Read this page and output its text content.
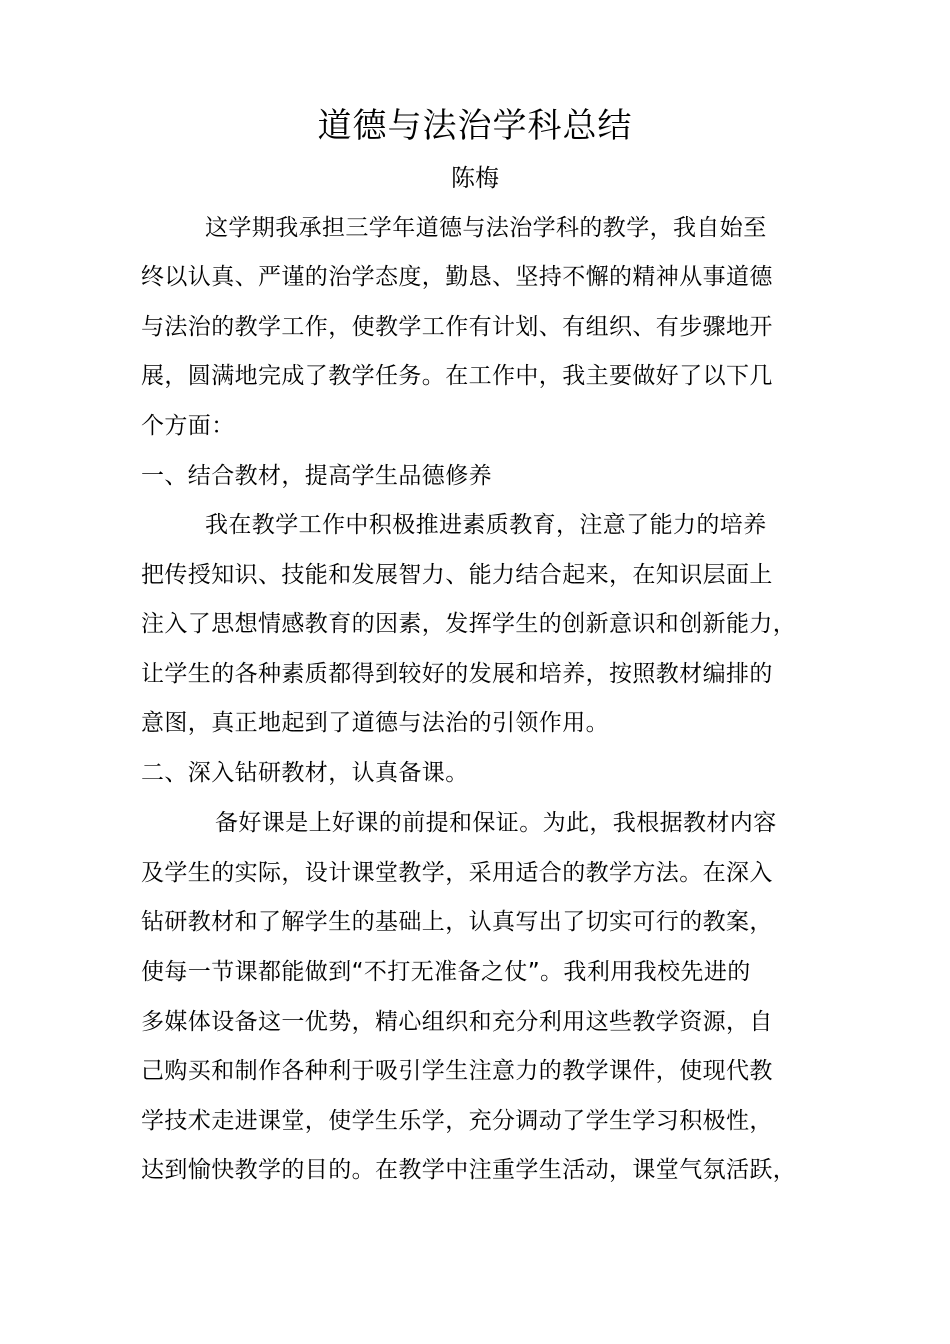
道德与法治学科总结
陈梅
这学期我承担三学年道德与法治学科的教学，我自始至
终以认真、严谨的治学态度，勤恳、坚持不懈的精神从事道德
与法治的教学工作，使教学工作有计划、有组织、有步骤地开
展，圆满地完成了教学任务。在工作中，我主要做好了以下几
个方面：
一、结合教材，提高学生品德修养
我在教学工作中积极推进素质教育，注意了能力的培养
把传授知识、技能和发展智力、能力结合起来，在知识层面上
注入了思想情感教育的因素，发挥学生的创新意识和创新能力，
让学生的各种素质都得到较好的发展和培养，按照教材编排的
意图，真正地起到了道德与法治的引领作用。
二、深入钻研教材，认真备课。
备好课是上好课的前提和保证。为此，我根据教材内容
及学生的实际，设计课堂教学，采用适合的教学方法。在深入
钻研教材和了解学生的基础上，认真写出了切实可行的教案，
使每一节课都能做到“不打无准备之仗”。我利用我校先进的
多媒体设备这一优势，精心组织和充分利用这些教学资源，自
己购买和制作各种利于吸引学生注意力的教学课件，使现代教
学技术走进课堂，使学生乐学，充分调动了学生学习积极性，
达到愉快教学的目的。在教学中注重学生活动，课堂气氛活跃，
